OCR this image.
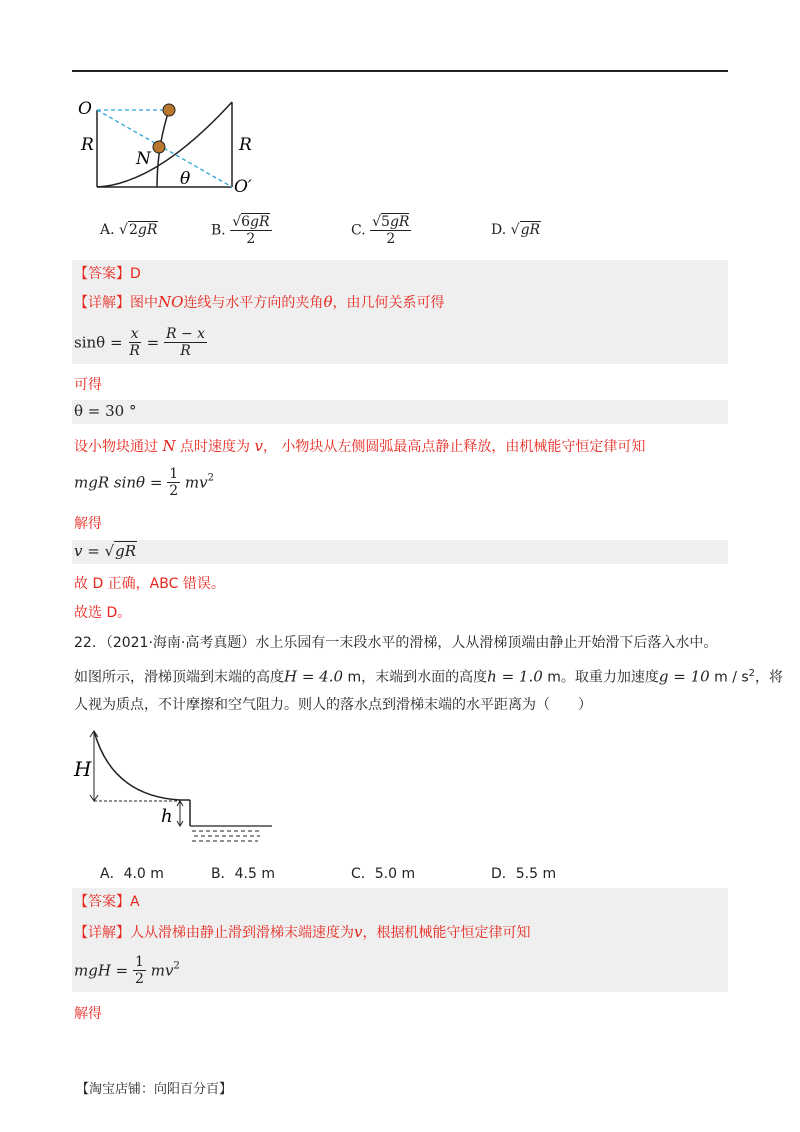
O
R
N
R
θ	O′
A. √2gR	B. $\frac{√6gR}{2}$	C. $\frac{√5gR}{2}$	D. √gR
【答案】D
【详解】图中NO连线与水平方向的夹角θ，由几何关系可得
$\sin\theta = \frac{x}{R} = \frac{R - x}{R}$
可得
θ = 30 °
设小物块通过 N 点时速度为 v， 小物块从左侧圆弧最高点静止释放，由机械能守恒定律可知
mgR $\sin\theta = \frac{1}{2} mv^2$
解得
v = √gR
故 D 正确，ABC 错误。
故选 D。
22．（2021·海南·高考真题）水上乐园有一末段水平的滑梯，人从滑梯顶端由静止开始滑下后落入水中。
如图所示，滑梯顶端到末端的高度H = 4.0 m，末端到水面的高度h = 1.0 m。取重力加速度g = 10 m / $s^2$，将
人视为质点，不计摩擦和空气阻力。则人的落水点到滑梯末端的水平距离为（　　）
H
h
A．4.0 m	B．4.5 m	C．5.0 m	D．5.5 m
【答案】A
【详解】人从滑梯由静止滑到滑梯末端速度为v，根据机械能守恒定律可知
mgH = $\frac{1}{2} mv^2$
解得
【淘宝店铺：向阳百分百】
